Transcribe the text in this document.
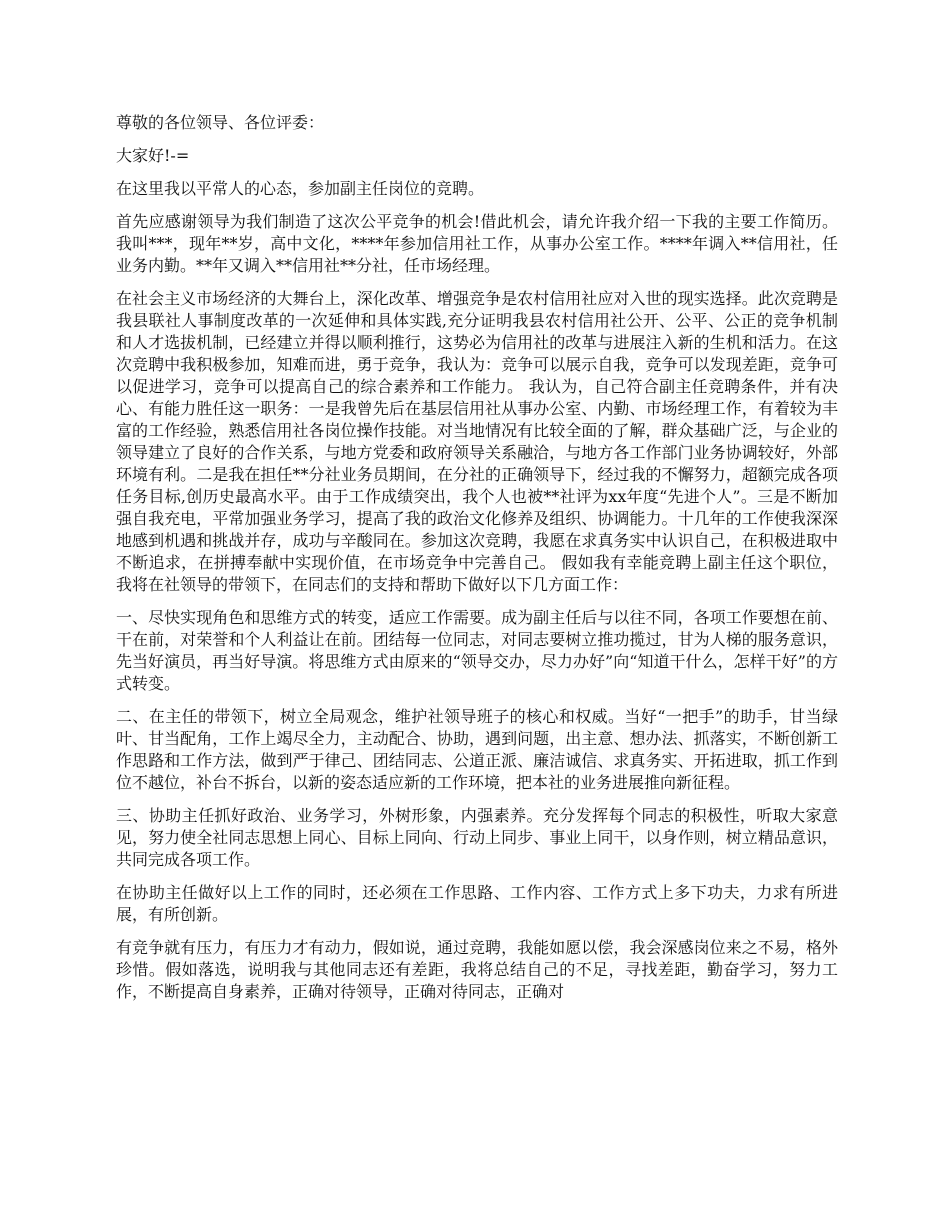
尊敬的各位领导、各位评委：

大家好!-=

在这里我以平常人的心态，参加副主任岗位的竞聘。

首先应感谢领导为我们制造了这次公平竞争的机会!借此机会，请允许我介绍一下我的主要工作简历。我叫***，现年**岁，高中文化，****年参加信用社工作，从事办公室工作。****年调入**信用社，任业务内勤。**年又调入**信用社**分社，任市场经理。

在社会主义市场经济的大舞台上，深化改革、增强竞争是农村信用社应对入世的现实选择。此次竞聘是我县联社人事制度改革的一次延伸和具体实践,充分证明我县农村信用社公开、公平、公正的竞争机制和人才选拔机制，已经建立并得以顺利推行，这势必为信用社的改革与进展注入新的生机和活力。在这次竞聘中我积极参加，知难而进，勇于竞争，我认为：竞争可以展示自我，竞争可以发现差距，竞争可以促进学习，竞争可以提高自己的综合素养和工作能力。 我认为，自己符合副主任竞聘条件，并有决心、有能力胜任这一职务：一是我曾先后在基层信用社从事办公室、内勤、市场经理工作，有着较为丰富的工作经验，熟悉信用社各岗位操作技能。对当地情况有比较全面的了解，群众基础广泛，与企业的领导建立了良好的合作关系，与地方党委和政府领导关系融洽，与地方各工作部门业务协调较好，外部环境有利。二是我在担任**分社业务员期间，在分社的正确领导下，经过我的不懈努力，超额完成各项任务目标,创历史最高水平。由于工作成绩突出，我个人也被**社评为xx年度“先进个人”。三是不断加强自我充电，平常加强业务学习，提高了我的政治文化修养及组织、协调能力。十几年的工作使我深深地感到机遇和挑战并存，成功与辛酸同在。参加这次竞聘，我愿在求真务实中认识自己，在积极进取中不断追求，在拼搏奉献中实现价值，在市场竞争中完善自己。 假如我有幸能竞聘上副主任这个职位，我将在社领导的带领下，在同志们的支持和帮助下做好以下几方面工作：

一、尽快实现角色和思维方式的转变，适应工作需要。成为副主任后与以往不同，各项工作要想在前、干在前，对荣誉和个人利益让在前。团结每一位同志，对同志要树立推功揽过，甘为人梯的服务意识，先当好演员，再当好导演。将思维方式由原来的“领导交办，尽力办好”向“知道干什么，怎样干好”的方式转变。

二、在主任的带领下，树立全局观念，维护社领导班子的核心和权威。当好“一把手”的助手，甘当绿叶、甘当配角，工作上竭尽全力，主动配合、协助，遇到问题，出主意、想办法、抓落实，不断创新工作思路和工作方法，做到严于律己、团结同志、公道正派、廉洁诚信、求真务实、开拓进取，抓工作到位不越位，补台不拆台，以新的姿态适应新的工作环境，把本社的业务进展推向新征程。

三、协助主任抓好政治、业务学习，外树形象，内强素养。充分发挥每个同志的积极性，听取大家意见，努力使全社同志思想上同心、目标上同向、行动上同步、事业上同干，以身作则，树立精品意识，共同完成各项工作。

在协助主任做好以上工作的同时，还必须在工作思路、工作内容、工作方式上多下功夫，力求有所进展，有所创新。

有竞争就有压力，有压力才有动力，假如说，通过竞聘，我能如愿以偿，我会深感岗位来之不易，格外珍惜。假如落选，说明我与其他同志还有差距，我将总结自己的不足，寻找差距，勤奋学习，努力工作，不断提高自身素养，正确对待领导，正确对待同志，正确对
